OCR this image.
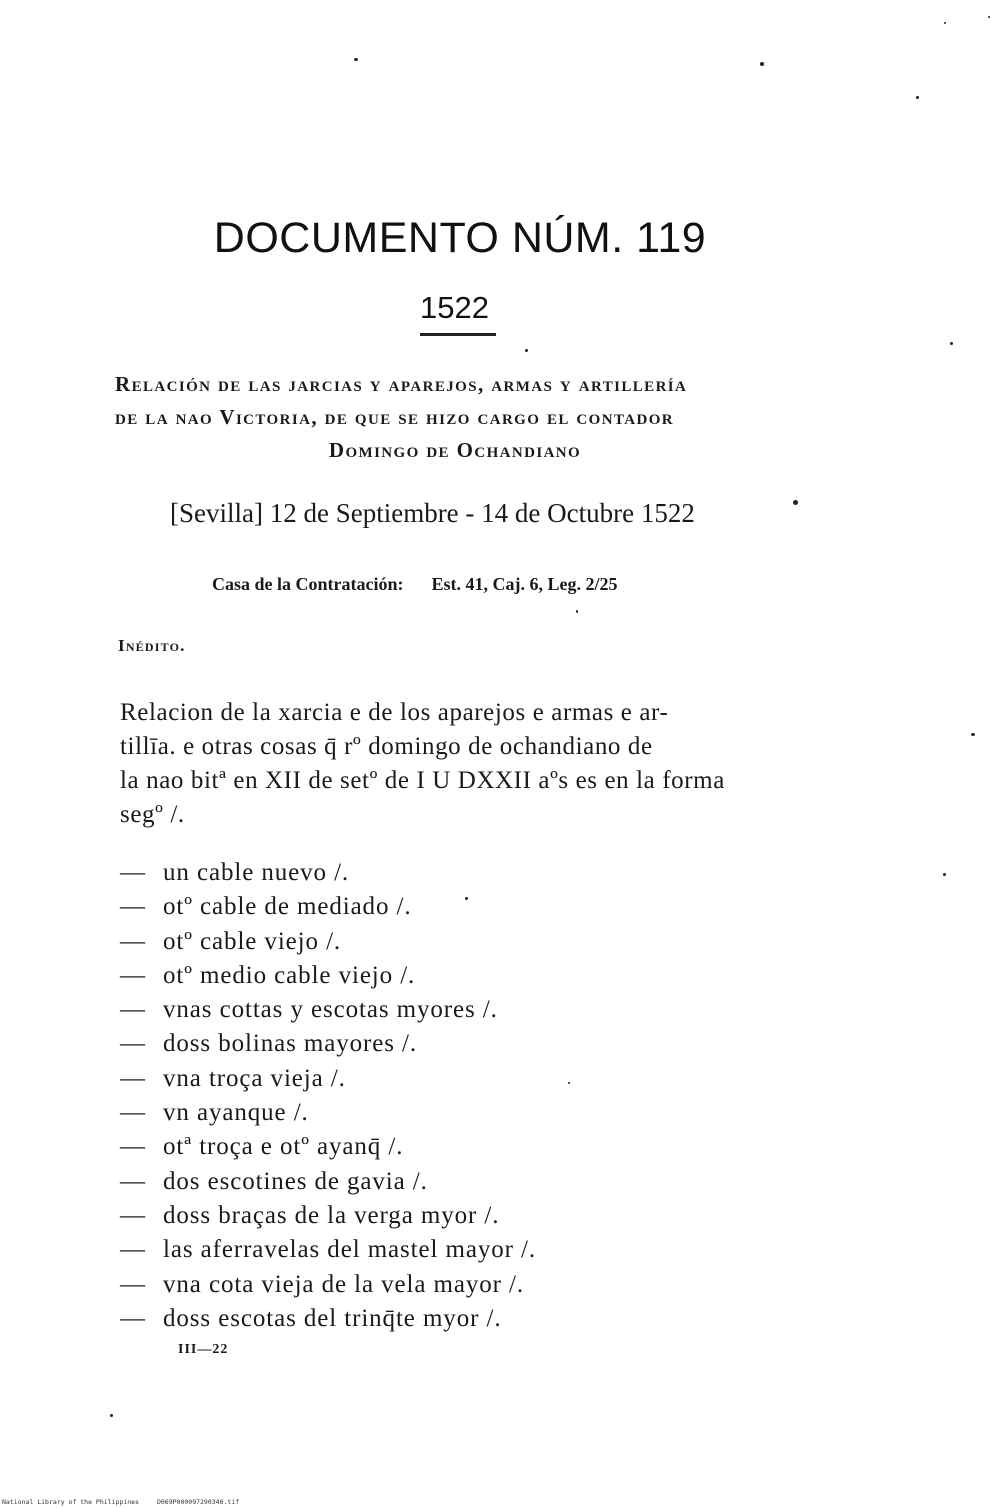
DOCUMENTO NÚM. 119
1522
Relación de las jarcias y aparejos, armas y artillería
de la nao Victoria, de que se hizo cargo el contador
Domingo de Ochandiano
[Sevilla] 12 de Septiembre - 14 de Octubre 1522
Casa de la Contratación: Est. 41, Caj. 6, Leg. 2/25
Inédito.
Relacion de la xarcia e de los aparejos e armas e ar-
tillīa. e otras cosas q̄ rº domingo de ochandiano de
la nao bitª en XII de setº de I U DXXII aºs es en la forma
segº /.
— un cable nuevo /.
— otº cable de mediado /.
— otº cable viejo /.
— otº medio cable viejo /.
— vnas cottas y escotas myores /.
— doss bolinas mayores /.
— vna troça vieja /.
— vn ayanque /.
— otª troça e otº ayanq̄ /.
— dos escotines de gavia /.
— doss braças de la verga myor /.
— las aferravelas del mastel mayor /.
— vna cota vieja de la vela mayor /.
— doss escotas del trinq̄te myor /.
III—22
National Library of the Philippines	D069P000097290346.tif
